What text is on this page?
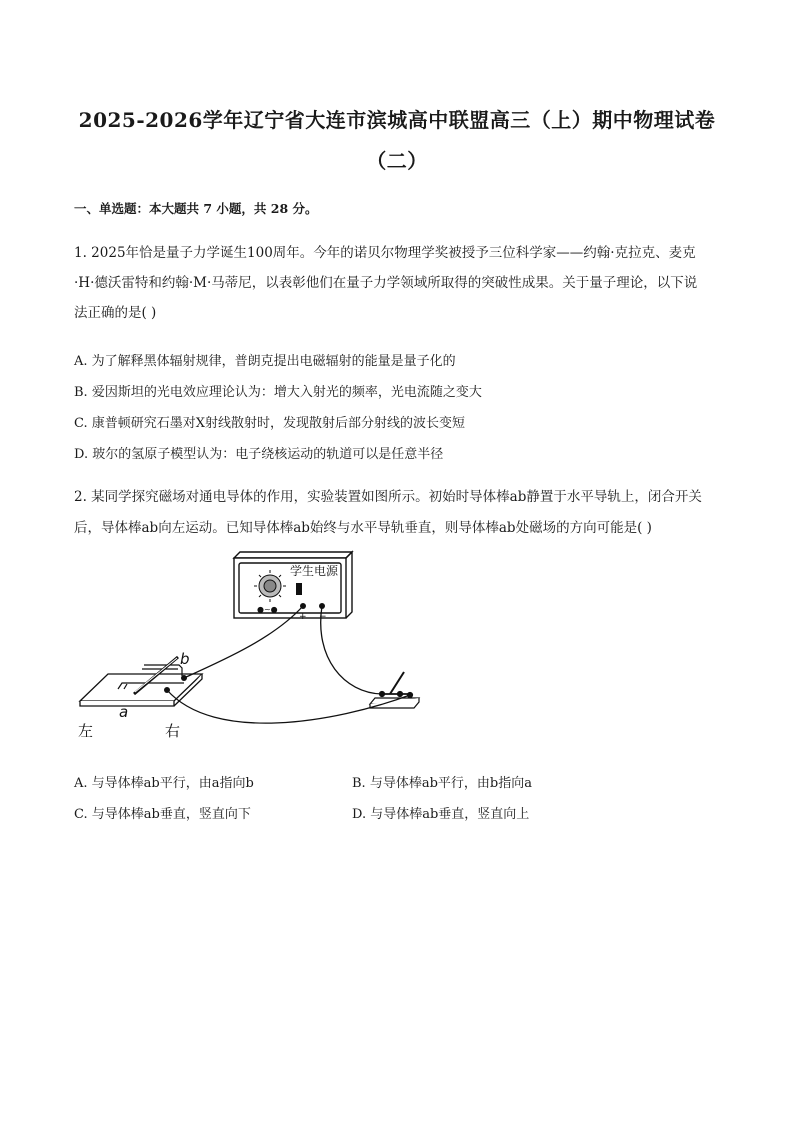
2025-2026学年辽宁省大连市滨城高中联盟高三（上）期中物理试卷
（二）
一、单选题：本大题共 7 小题，共 28 分。
1. 2025年恰是量子力学诞生100周年。今年的诺贝尔物理学奖被授予三位科学家——约翰·克拉克、麦克
·H·德沃雷特和约翰·M·马蒂尼，以表彰他们在量子力学领域所取得的突破性成果。关于量子理论，以下说
法正确的是( )
A. 为了解释黑体辐射规律，普朗克提出电磁辐射的能量是量子化的
B. 爱因斯坦的光电效应理论认为：增大入射光的频率，光电流随之变大
C. 康普顿研究石墨对X射线散射时，发现散射后部分射线的波长变短
D. 玻尔的氢原子模型认为：电子绕核运动的轨道可以是任意半径
2. 某同学探究磁场对通电导体的作用，实验装置如图所示。初始时导体棒ab静置于水平导轨上，闭合开关
后，导体棒ab向左运动。已知导体棒ab始终与水平导轨垂直，则导体棒ab处磁场的方向可能是( )
学生电源
●~●
+ −
b
a
左	右
A. 与导体棒ab平行，由a指向b	B. 与导体棒ab平行，由b指向a
C. 与导体棒ab垂直，竖直向下	D. 与导体棒ab垂直，竖直向上
